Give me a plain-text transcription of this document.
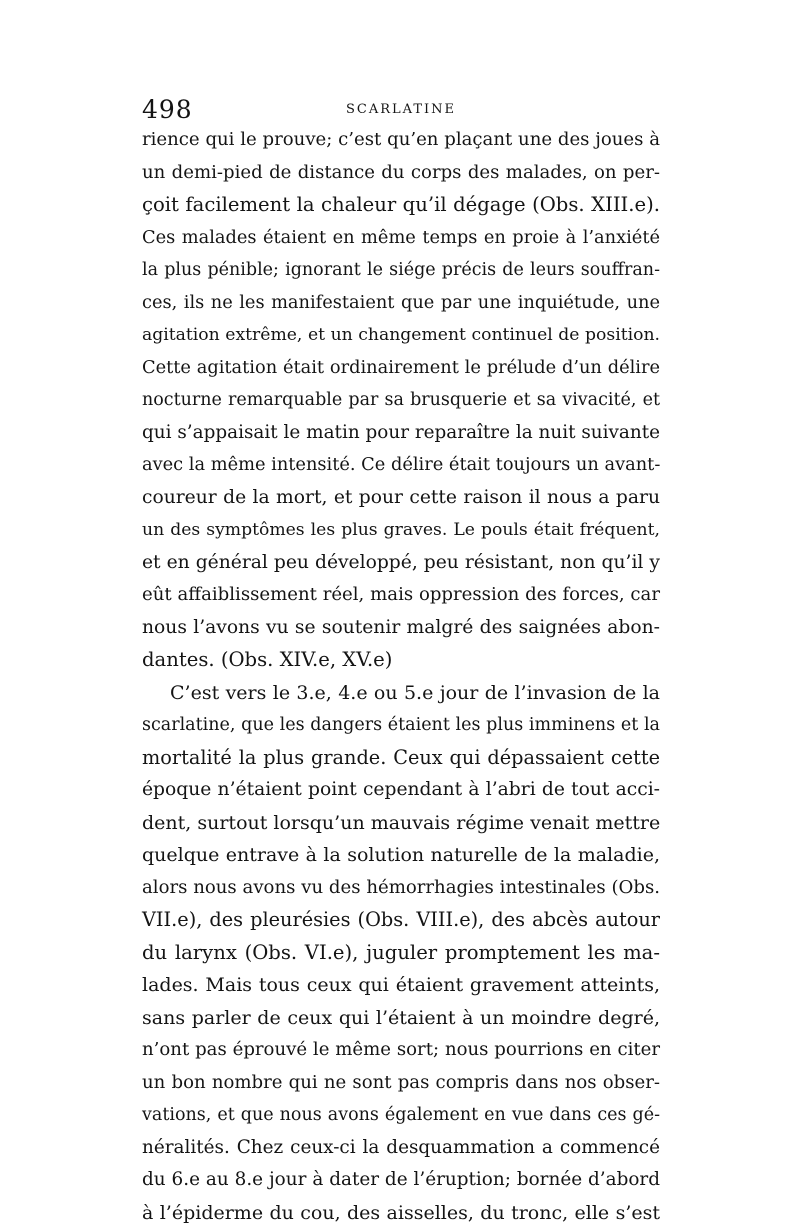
498	SCARLATINE
rience qui le prouve; c’est qu’en plaçant une des joues à
un demi-pied de distance du corps des malades, on per-
çoit facilement la chaleur qu’il dégage (Obs. XIII.e).
Ces malades étaient en même temps en proie à l’anxiété
la plus pénible; ignorant le siége précis de leurs souffran-
ces, ils ne les manifestaient que par une inquiétude, une
agitation extrême, et un changement continuel de position.
Cette agitation était ordinairement le prélude d’un délire
nocturne remarquable par sa brusquerie et sa vivacité, et
qui s’appaisait le matin pour reparaître la nuit suivante
avec la même intensité. Ce délire était toujours un avant-
coureur de la mort, et pour cette raison il nous a paru
un des symptômes les plus graves. Le pouls était fréquent,
et en général peu développé, peu résistant, non qu’il y
eût affaiblissement réel, mais oppression des forces, car
nous l’avons vu se soutenir malgré des saignées abon-
dantes. (Obs. XIV.e, XV.e)
C’est vers le 3.e, 4.e ou 5.e jour de l’invasion de la
scarlatine, que les dangers étaient les plus imminens et la
mortalité la plus grande. Ceux qui dépassaient cette
époque n’étaient point cependant à l’abri de tout acci-
dent, surtout lorsqu’un mauvais régime venait mettre
quelque entrave à la solution naturelle de la maladie,
alors nous avons vu des hémorrhagies intestinales (Obs.
VII.e), des pleurésies (Obs. VIII.e), des abcès autour
du larynx (Obs. VI.e), juguler promptement les ma-
lades. Mais tous ceux qui étaient gravement atteints,
sans parler de ceux qui l’étaient à un moindre degré,
n’ont pas éprouvé le même sort; nous pourrions en citer
un bon nombre qui ne sont pas compris dans nos obser-
vations, et que nous avons également en vue dans ces gé-
néralités. Chez ceux-ci la desquammation a commencé
du 6.e au 8.e jour à dater de l’éruption; bornée d’abord
à l’épiderme du cou, des aisselles, du tronc, elle s’est
